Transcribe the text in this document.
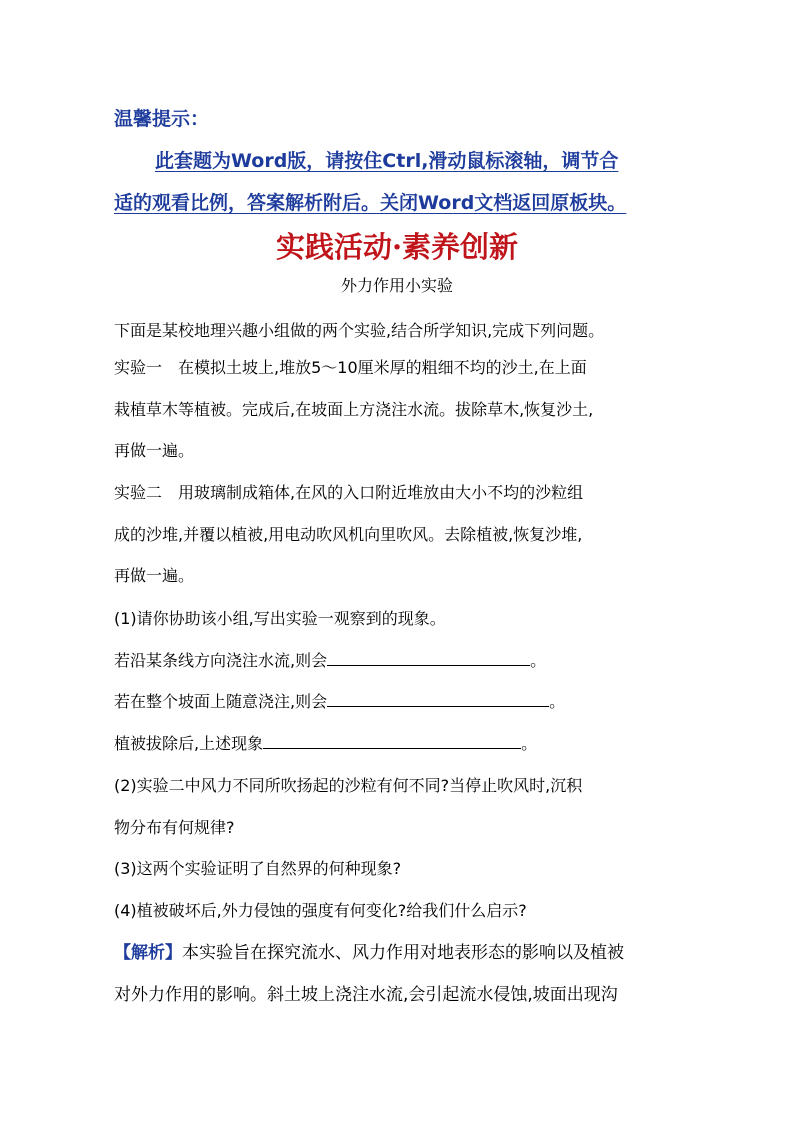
温馨提示：
此套题为Word版，请按住Ctrl,滑动鼠标滚轴，调节合
适的观看比例，答案解析附后。关闭Word文档返回原板块。
实践活动·素养创新
外力作用小实验
下面是某校地理兴趣小组做的两个实验,结合所学知识,完成下列问题。
实验一　在模拟土坡上,堆放5～10厘米厚的粗细不均的沙土,在上面
栽植草木等植被。完成后,在坡面上方浇注水流。拔除草木,恢复沙土,
再做一遍。
实验二　用玻璃制成箱体,在风的入口附近堆放由大小不均的沙粒组
成的沙堆,并覆以植被,用电动吹风机向里吹风。去除植被,恢复沙堆,
再做一遍。
(1)请你协助该小组,写出实验一观察到的现象。
若沿某条线方向浇注水流,则会	。
若在整个坡面上随意浇注,则会	。
植被拔除后,上述现象	。
(2)实验二中风力不同所吹扬起的沙粒有何不同?当停止吹风时,沉积
物分布有何规律?
(3)这两个实验证明了自然界的何种现象?
(4)植被破坏后,外力侵蚀的强度有何变化?给我们什么启示?
【解析】本实验旨在探究流水、风力作用对地表形态的影响以及植被
对外力作用的影响。斜土坡上浇注水流,会引起流水侵蚀,坡面出现沟
